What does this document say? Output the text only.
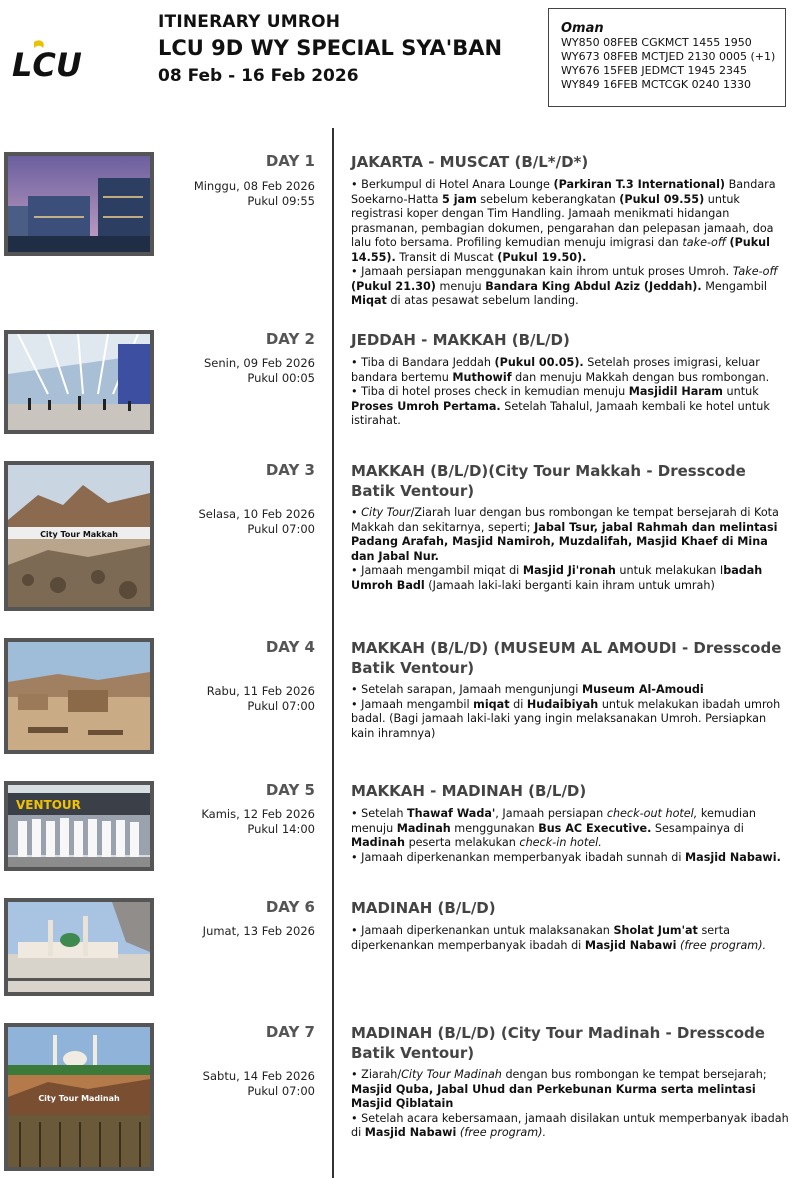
LCU
ITINERARY UMROH
LCU 9D WY SPECIAL SYA'BAN
08 Feb - 16 Feb 2026
Oman
WY850 08FEB CGKMCT 1455 1950
WY673 08FEB MCTJED 2130 0005 (+1)
WY676 15FEB JEDMCT 1945 2345
WY849 16FEB MCTCGK 0240 1330
DAY 1
Minggu, 08 Feb 2026
Pukul 09:55
JAKARTA - MUSCAT (B/L*/D*)

• Berkumpul di Hotel Anara Lounge (Parkiran T.3 International) Bandara Soekarno-Hatta 5 jam sebelum keberangkatan (Pukul 09.55) untuk registrasi koper dengan Tim Handling. Jamaah menikmati hidangan prasmanan, pembagian dokumen, pengarahan dan pelepasan jamaah, doa lalu foto bersama. Profiling kemudian menuju imigrasi dan take-off (Pukul 14.55). Transit di Muscat (Pukul 19.50).

• Jamaah persiapan menggunakan kain ihrom untuk proses Umroh. Take-off (Pukul 21.30) menuju Bandara King Abdul Aziz (Jeddah). Mengambil Miqat di atas pesawat sebelum landing.

DAY 2
Senin, 09 Feb 2026
Pukul 00:05
JEDDAH - MAKKAH (B/L/D)

• Tiba di Bandara Jeddah (Pukul 00.05). Setelah proses imigrasi, keluar bandara bertemu Muthowif dan menuju Makkah dengan bus rombongan.

• Tiba di hotel proses check in kemudian menuju Masjidil Haram untuk Proses Umroh Pertama. Setelah Tahalul, Jamaah kembali ke hotel untuk istirahat.

City Tour Makkah
DAY 3
Selasa, 10 Feb 2026
Pukul 07:00
MAKKAH (B/L/D)(City Tour Makkah - Dresscode Batik Ventour)

• City Tour/Ziarah luar dengan bus rombongan ke tempat bersejarah di Kota Makkah dan sekitarnya, seperti; Jabal Tsur, jabal Rahmah dan melintasi Padang Arafah, Masjid Namiroh, Muzdalifah, Masjid Khaef di Mina dan Jabal Nur.

• Jamaah mengambil miqat di Masjid Ji'ronah untuk melakukan Ibadah Umroh Badl (Jamaah laki-laki berganti kain ihram untuk umrah)

DAY 4
Rabu, 11 Feb 2026
Pukul 07:00
MAKKAH (B/L/D) (MUSEUM AL AMOUDI - Dresscode Batik Ventour)

• Setelah sarapan, Jamaah mengunjungi Museum Al-Amoudi

• Jamaah mengambil miqat di Hudaibiyah untuk melakukan ibadah umroh badal. (Bagi jamaah laki-laki yang ingin melaksanakan Umroh. Persiapkan kain ihramnya)

VENTOUR
DAY 5
Kamis, 12 Feb 2026
Pukul 14:00
MAKKAH - MADINAH (B/L/D)

• Setelah Thawaf Wada', Jamaah persiapan check-out hotel, kemudian menuju Madinah menggunakan Bus AC Executive. Sesampainya di Madinah peserta melakukan check-in hotel.

• Jamaah diperkenankan memperbanyak ibadah sunnah di Masjid Nabawi.

DAY 6
Jumat, 13 Feb 2026
MADINAH (B/L/D)

• Jamaah diperkenankan untuk malaksanakan Sholat Jum'at serta diperkenankan memperbanyak ibadah di Masjid Nabawi (free program).

City Tour Madinah
DAY 7
Sabtu, 14 Feb 2026
Pukul 07:00
MADINAH (B/L/D) (City Tour Madinah - Dresscode Batik Ventour)

• Ziarah/City Tour Madinah dengan bus rombongan ke tempat bersejarah; Masjid Quba, Jabal Uhud dan Perkebunan Kurma serta melintasi Masjid Qiblatain

• Setelah acara kebersamaan, jamaah disilakan untuk memperbanyak ibadah di Masjid Nabawi (free program).
